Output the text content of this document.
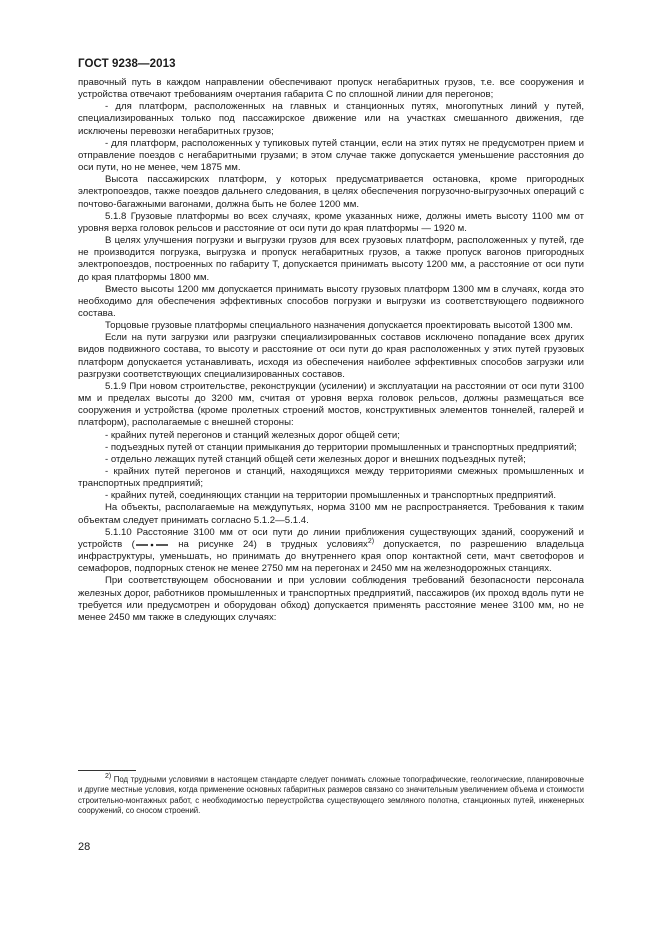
ГОСТ 9238—2013

правочный путь в каждом направлении обеспечивают пропуск негабаритных грузов, т.е. все сооружения и устройства отвечают требованиям очертания габарита С по сплошной линии для перегонов;

- для платформ, расположенных на главных и станционных путях, многопутных линий у путей, специализированных только под пассажирское движение или на участках смешанного движения, где исключены перевозки негабаритных грузов;

- для платформ, расположенных у тупиковых путей станции, если на этих путях не предусмотрен прием и отправление поездов с негабаритными грузами; в этом случае также допускается уменьшение расстояния до оси пути, но не менее, чем 1875 мм.

Высота пассажирских платформ, у которых предусматривается остановка, кроме пригородных электропоездов, также поездов дальнего следования, в целях обеспечения погрузочно-выгрузочных операций с почтово-багажными вагонами, должна быть не более 1200 мм.

5.1.8 Грузовые платформы во всех случаях, кроме указанных ниже, должны иметь высоту 1100 мм от уровня верха головок рельсов и расстояние от оси пути до края платформы — 1920 м.

В целях улучшения погрузки и выгрузки грузов для всех грузовых платформ, расположенных у путей, где не производится погрузка, выгрузка и пропуск негабаритных грузов, а также пропуск вагонов пригородных электропоездов, построенных по габариту Т, допускается принимать высоту 1200 мм, а расстояние от оси пути до края платформы 1800 мм.

Вместо высоты 1200 мм допускается принимать высоту грузовых платформ 1300 мм в случаях, когда это необходимо для обеспечения эффективных способов погрузки и выгрузки из соответствующего подвижного состава.

Торцовые грузовые платформы специального назначения допускается проектировать высотой 1300 мм.

Если на пути загрузки или разгрузки специализированных составов исключено попадание всех других видов подвижного состава, то высоту и расстояние от оси пути до края расположенных у этих путей грузовых платформ допускается устанавливать, исходя из обеспечения наиболее эффективных способов загрузки или разгрузки соответствующих специализированных составов.

5.1.9 При новом строительстве, реконструкции (усилении) и эксплуатации на расстоянии от оси пути 3100 мм и пределах высоты до 3200 мм, считая от уровня верха головок рельсов, должны размещаться все сооружения и устройства (кроме пролетных строений мостов, конструктивных элементов тоннелей, галерей и платформ), располагаемые с внешней стороны:

- крайних путей перегонов и станций железных дорог общей сети;

- подъездных путей от станции примыкания до территории промышленных и транспортных предприятий;

- отдельно лежащих путей станций общей сети железных дорог и внешних подъездных путей;

- крайних путей перегонов и станций, находящихся между территориями смежных промышленных и транспортных предприятий;

- крайних путей, соединяющих станции на территории промышленных и транспортных предприятий.

На объекты, располагаемые на междупутьях, норма 3100 мм не распространяется. Требования к таким объектам следует принимать согласно 5.1.2—5.1.4.

5.1.10 Расстояние 3100 мм от оси пути до линии приближения существующих зданий, сооружений и устройств (	на рисунке 24) в трудных условиях$^{2)}$ допускается, по разрешению владельца инфраструктуры, уменьшать, но принимать до внутреннего края опор контактной сети, мачт светофоров и семафоров, подпорных стенок не менее 2750 мм на перегонах и 2450 мм на железнодорожных станциях.

При соответствующем обосновании и при условии соблюдения требований безопасности персонала железных дорог, работников промышленных и транспортных предприятий, пассажиров (их проход вдоль пути не требуется или предусмотрен и оборудован обход) допускается применять расстояние менее 3100 мм, но не менее 2450 мм также в следующих случаях:

$^{2)}$ Под трудными условиями в настоящем стандарте следует понимать сложные топографические, геологические, планировочные и другие местные условия, когда применение основных габаритных размеров связано со значительным увеличением объема и стоимости строительно-монтажных работ, с необходимостью переустройства существующего земляного полотна, станционных путей, инженерных сооружений, со сносом строений.

28
